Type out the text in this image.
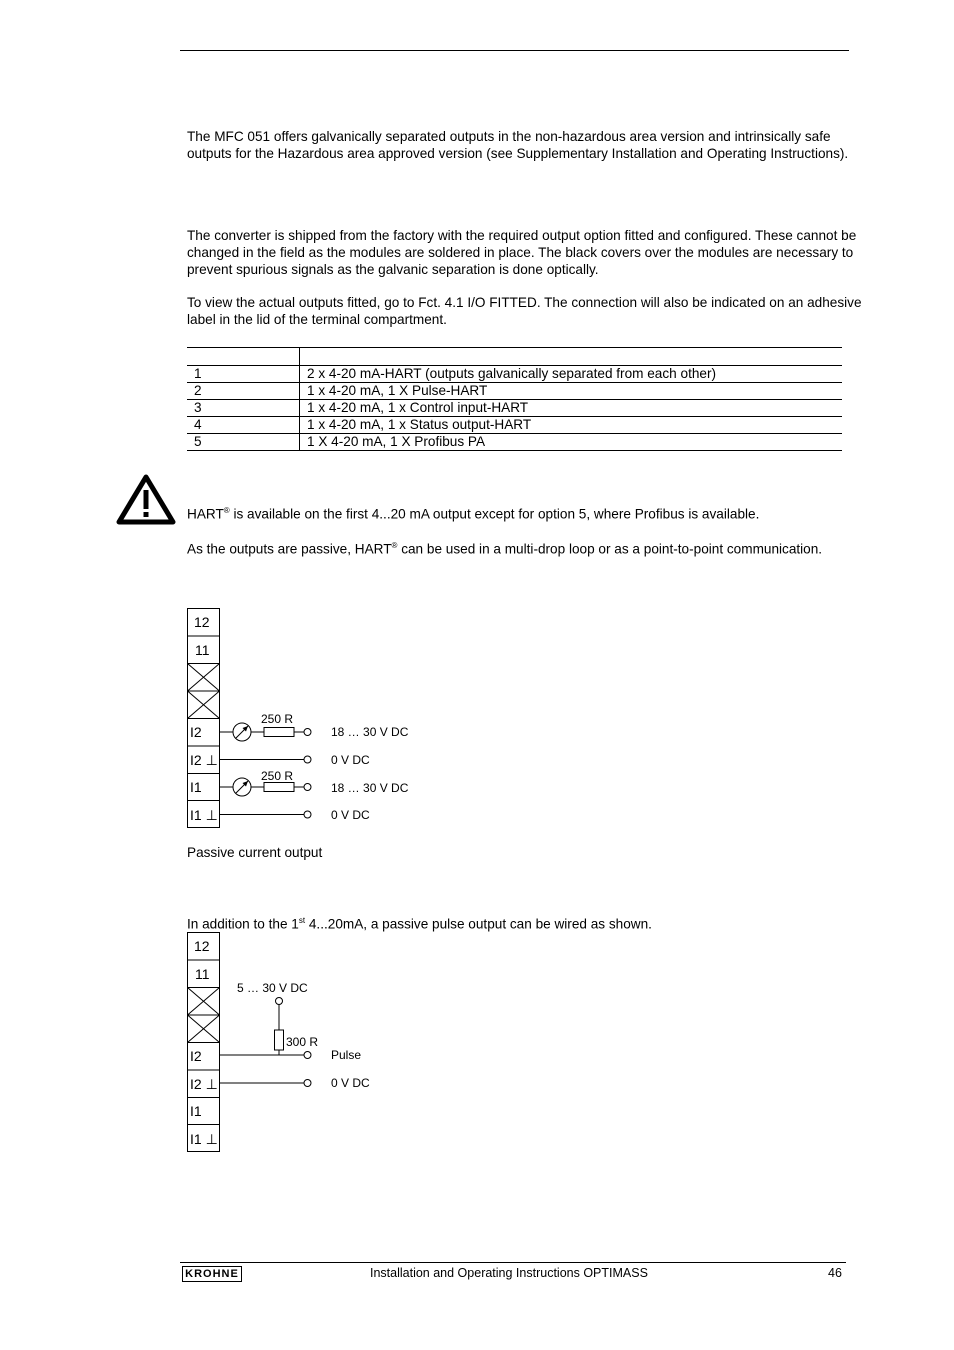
The MFC 051 offers galvanically separated outputs in the non-hazardous area version and intrinsically safe outputs for the Hazardous area approved version (see Supplementary Installation and Operating Instructions).
The converter is shipped from the factory with the required output option fitted and configured. These cannot be changed in the field as the modules are soldered in place. The black covers over the modules are necessary to prevent spurious signals as the galvanic separation is done optically.
To view the actual outputs fitted, go to Fct. 4.1 I/O FITTED. The connection will also be indicated on an adhesive label in the lid of the terminal compartment.

1	2 x 4-20 mA-HART (outputs galvanically separated from each other)
2	1 x 4-20 mA, 1 X Pulse-HART
3	1 x 4-20 mA, 1 x Control input-HART
4	1 x 4-20 mA, 1 x Status output-HART
5	1 X 4-20 mA, 1 X Profibus PA
HART® is available on the first 4...20 mA output except for option 5, where Profibus is available.
As the outputs are passive, HART® can be used in a multi-drop loop or as a point-to-point communication.
12
11
I2
I2 ⊥
I1
I1 ⊥
250 R
250 R
18 … 30 V DC
0 V DC
18 … 30 V DC
0 V DC
Passive current output
In addition to the 1st 4...20mA, a passive pulse output can be wired as shown.
12
11
I2
I2 ⊥
I1
I1 ⊥
5 … 30 V DC
300 R
Pulse
0 V DC
KROHNE	Installation and Operating Instructions OPTIMASS	46
